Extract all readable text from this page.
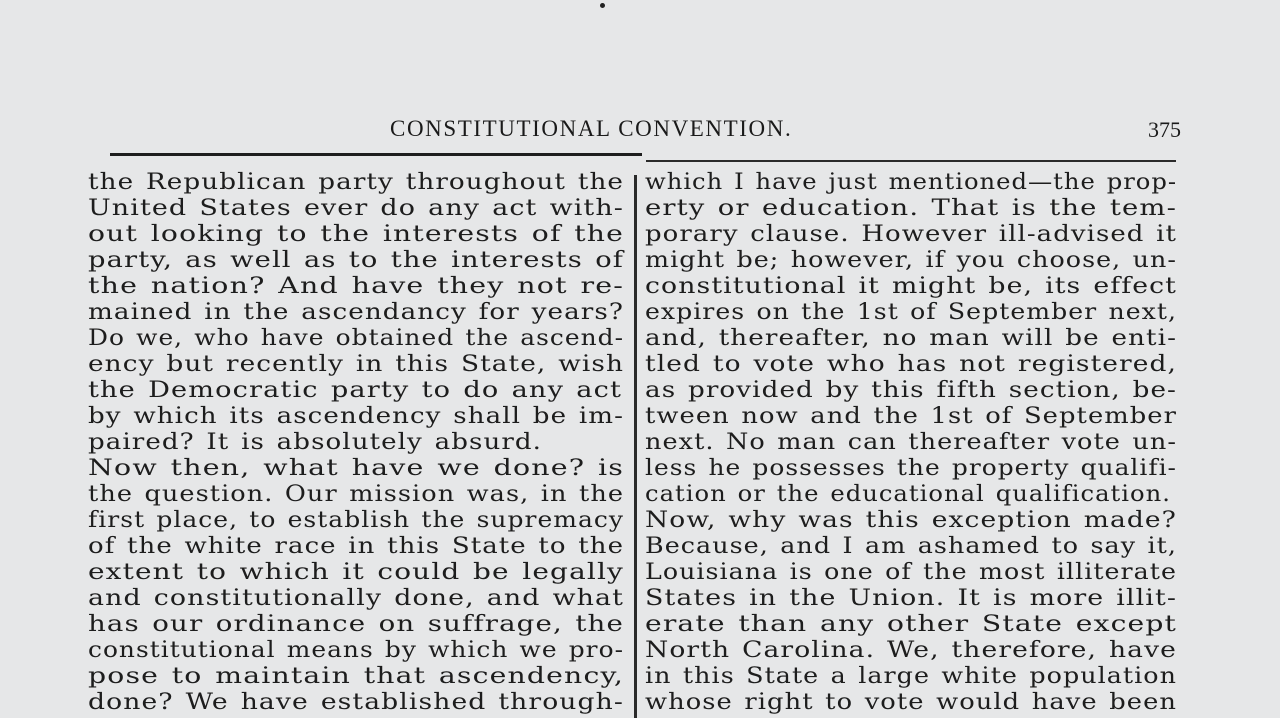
CONSTITUTIONAL CONVENTION.	375
the Republican party throughout the
United States ever do any act with-
out looking to the interests of the
party, as well as to the interests of
the nation? And have they not re-
mained in the ascendancy for years?
Do we, who have obtained the ascend-
ency but recently in this State, wish
the Democratic party to do any act
by which its ascendency shall be im-
paired? It is absolutely absurd.
Now then, what have we done? is
the question. Our mission was, in the
first place, to establish the supremacy
of the white race in this State to the
extent to which it could be legally
and constitutionally done, and what
has our ordinance on suffrage, the
constitutional means by which we pro-
pose to maintain that ascendency,
done? We have established through-
which I have just mentioned—the prop-
erty or education. That is the tem-
porary clause. However ill-advised it
might be; however, if you choose, un-
constitutional it might be, its effect
expires on the 1st of September next,
and, thereafter, no man will be enti-
tled to vote who has not registered,
as provided by this fifth section, be-
tween now and the 1st of September
next. No man can thereafter vote un-
less he possesses the property qualifi-
cation or the educational qualification.
Now, why was this exception made?
Because, and I am ashamed to say it,
Louisiana is one of the most illiterate
States in the Union. It is more illit-
erate than any other State except
North Carolina. We, therefore, have
in this State a large white population
whose right to vote would have been
